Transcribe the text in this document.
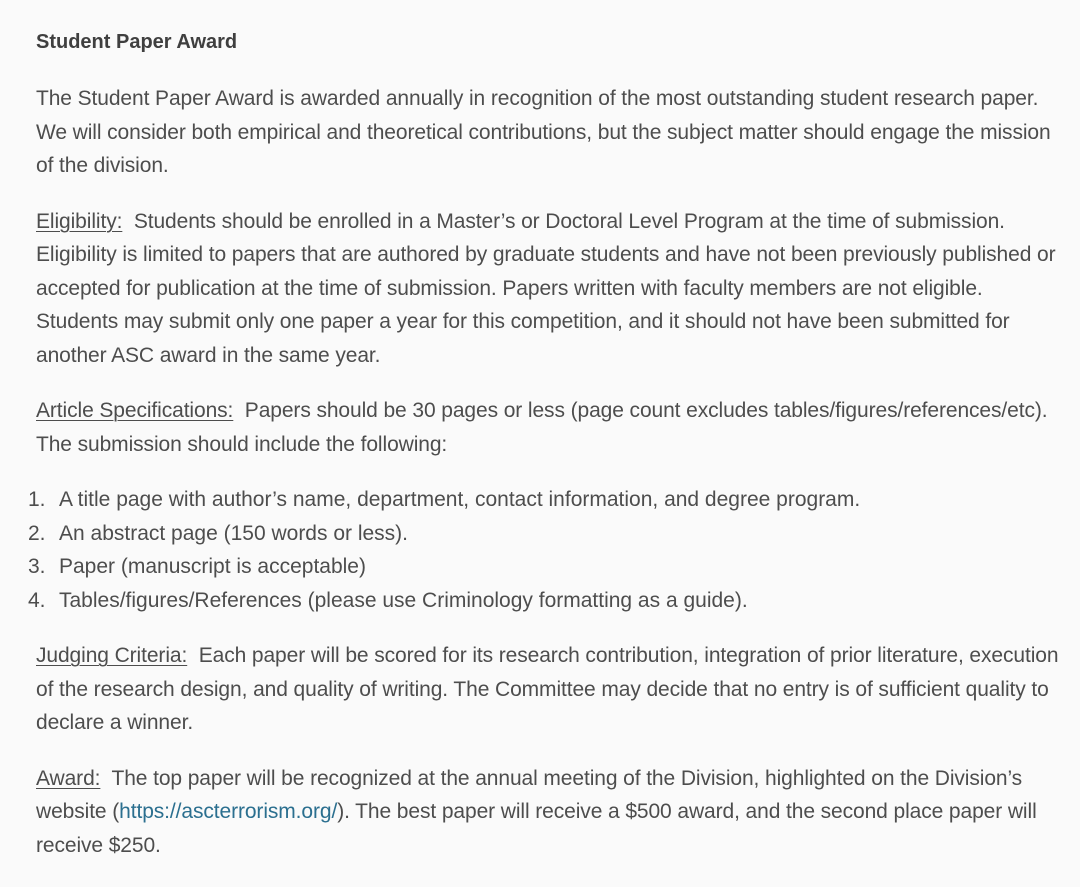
Student Paper Award

The Student Paper Award is awarded annually in recognition of the most outstanding student research paper. We will consider both empirical and theoretical contributions, but the subject matter should engage the mission of the division.

Eligibility: Students should be enrolled in a Master’s or Doctoral Level Program at the time of submission. Eligibility is limited to papers that are authored by graduate students and have not been previously published or accepted for publication at the time of submission. Papers written with faculty members are not eligible. Students may submit only one paper a year for this competition, and it should not have been submitted for another ASC award in the same year.

Article Specifications: Papers should be 30 pages or less (page count excludes tables/figures/references/etc). The submission should include the following:

1. A title page with author’s name, department, contact information, and degree program.
2. An abstract page (150 words or less).
3. Paper (manuscript is acceptable)
4. Tables/figures/References (please use Criminology formatting as a guide).

Judging Criteria: Each paper will be scored for its research contribution, integration of prior literature, execution of the research design, and quality of writing. The Committee may decide that no entry is of sufficient quality to declare a winner.

Award: The top paper will be recognized at the annual meeting of the Division, highlighted on the Division’s website (https://ascterrorism.org/). The best paper will receive a $500 award, and the second place paper will receive $250.
